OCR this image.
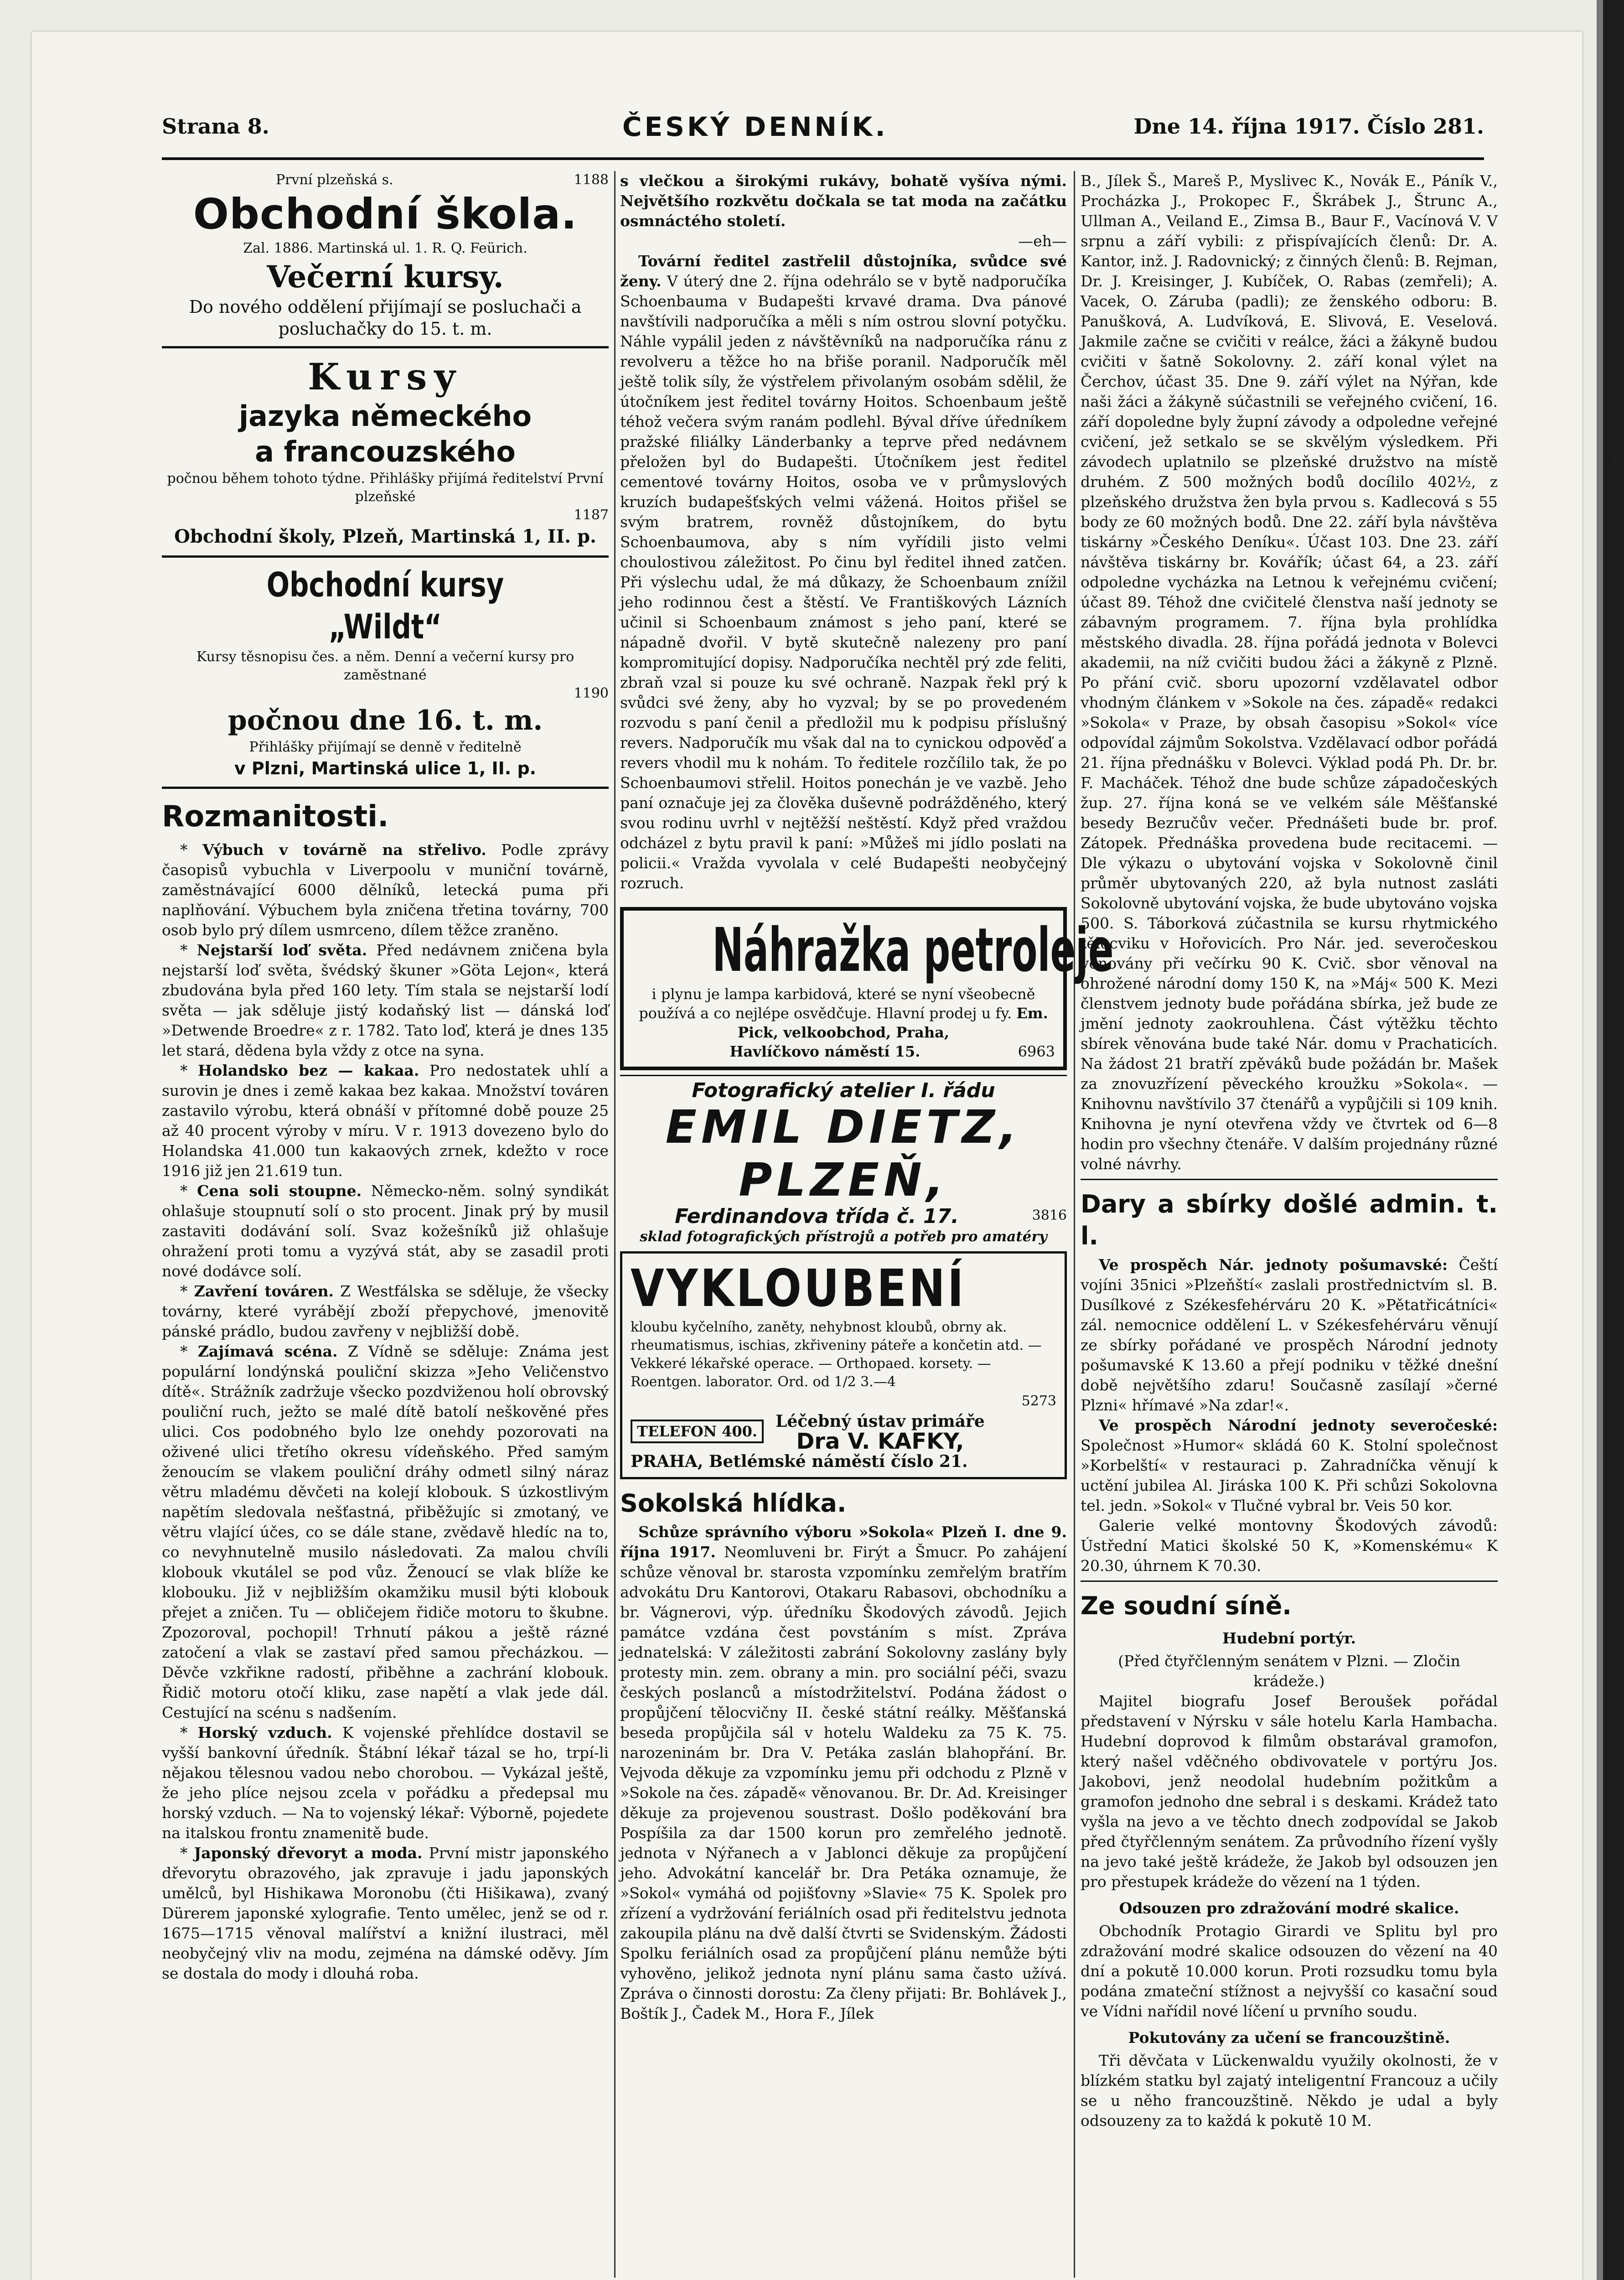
r
Strana 8.	ČESKÝ DENNÍK.	Dne 14. října 1917. Číslo 281.
První plzeňská s.	1188
Obchodní škola.
Zal. 1886. Martinská ul. 1. R. Q. Feürich.
Večerní kursy.
Do nového oddělení přijímají se posluchači a posluchačky do 15. t. m.
Kursy
jazyka německého
a francouzského
počnou během tohoto týdne. Přihlášky přijímá ředitelství První plzeňské
1187
Obchodní školy, Plzeň, Martinská 1, II. p.
Obchodní kursy „Wildt“
Kursy těsnopisu čes. a něm. Denní a večerní kursy pro zaměstnané
1190
počnou dne 16. t. m.
Přihlášky přijímají se denně v ředitelně
v Plzni, Martinská ulice 1, II. p.
Rozmanitosti.

* Výbuch v továrně na střelivo. Podle zprávy časopisů vybuchla v Liverpoolu v muniční továrně, zaměstnávající 6000 dělníků, letecká puma při naplňování. Výbuchem byla zničena třetina továrny, 700 osob bylo prý dílem usmrceno, dílem těžce zraněno.

* Nejstarší loď světa. Před nedávnem zničena byla nejstarší loď světa, švédský škuner »Göta Lejon«, která zbudována byla před 160 lety. Tím stala se nejstarší lodí světa — jak sděluje jistý kodaňský list — dánská loď »Detwende Broedre« z r. 1782. Tato loď, která je dnes 135 let stará, dědena byla vždy z otce na syna.

* Holandsko bez — kakaa. Pro nedostatek uhlí a surovin je dnes i země kakaa bez kakaa. Množství továren zastavilo výrobu, která obnáší v přítomné době pouze 25 až 40 procent výroby v míru. V r. 1913 dovezeno bylo do Holandska 41.000 tun kakaových zrnek, kdežto v roce 1916 již jen 21.619 tun.

* Cena soli stoupne. Německo-něm. solný syndikát ohlašuje stoupnutí solí o sto procent. Jinak prý by musil zastaviti dodávání solí. Svaz kožešníků již ohlašuje ohražení proti tomu a vyzývá stát, aby se zasadil proti nové dodávce solí.

* Zavření továren. Z Westfálska se sděluje, že všecky továrny, které vyrábějí zboží přepychové, jmenovitě pánské prádlo, budou zavřeny v nejbližší době.

* Zajímavá scéna. Z Vídně se sděluje: Známa jest populární londýnská pouliční skizza »Jeho Veličenstvo dítě«. Strážník zadržuje všecko pozdviženou holí obrovský pouliční ruch, ježto se malé dítě batolí neškověné přes ulici. Cos podobného bylo lze onehdy pozorovati na oživené ulici třetího okresu vídeňského. Před samým ženoucím se vlakem pouliční dráhy odmetl silný náraz větru mladému děvčeti na kolejí klobouk. S úzkostlivým napětím sledovala nešťastná, přiběžujíc si zmotaný, ve větru vlající účes, co se dále stane, zvědavě hledíc na to, co nevyhnutelně musilo následovati. Za malou chvíli klobouk vkutálel se pod vůz. Ženoucí se vlak blíže ke klobouku. Již v nejbližším okamžiku musil býti klobouk přejet a zničen. Tu — obličejem řidiče motoru to škubne. Zpozoroval, pochopil! Trhnutí pákou a ještě rázné zatočení a vlak se zastaví před samou přecházkou. — Děvče vzkřikne radostí, přiběhne a zachrání klobouk. Řidič motoru otočí kliku, zase napětí a vlak jede dál. Cestující na scénu s nadšením.

* Horský vzduch. K vojenské přehlídce dostavil se vyšší bankovní úředník. Štábní lékař tázal se ho, trpí-li nějakou tělesnou vadou nebo chorobou. — Vykázal ještě, že jeho plíce nejsou zcela v pořádku a předepsal mu horský vzduch. — Na to vojenský lékař: Výborně, pojedete na italskou frontu znamenitě bude.

* Japonský dřevoryt a moda. První mistr japonského dřevorytu obrazového, jak zpravuje i jadu japonských umělců, byl Hishikawa Moronobu (čti Hišikawa), zvaný Dürerem japonské xylografie. Tento umělec, jenž se od r. 1675—1715 věnoval malířství a knižní ilustraci, měl neobyčejný vliv na modu, zejména na dámské oděvy. Jím se dostala do mody i dlouhá roba.

s vlečkou a širokými rukávy, bohatě vyšíva nými. Největšího rozkvětu dočkala se tat moda na začátku osmnáctého století.

—eh—

Tovární ředitel zastřelil důstojníka, svůdce své ženy. V úterý dne 2. října odehrálo se v bytě nadporučíka Schoenbauma v Budapešti krvavé drama. Dva pánové navštívili nadporučíka a měli s ním ostrou slovní potyčku. Náhle vypálil jeden z návštěvníků na nadporučíka ránu z revolveru a těžce ho na břiše poranil. Nadporučík měl ještě tolik síly, že výstřelem přivolaným osobám sdělil, že útočníkem jest ředitel továrny Hoitos. Schoenbaum ještě téhož večera svým ranám podlehl. Býval dříve úředníkem pražské filiálky Länderbanky a teprve před nedávnem přeložen byl do Budapešti. Útočníkem jest ředitel cementové továrny Hoitos, osoba ve v průmyslových kruzích budapešťských velmi vážená. Hoitos přišel se svým bratrem, rovněž důstojníkem, do bytu Schoenbaumova, aby s ním vyřídili jisto velmi choulostivou záležitost. Po činu byl ředitel ihned zatčen. Při výslechu udal, že má důkazy, že Schoenbaum znížil jeho rodinnou čest a štěstí. Ve Františkových Lázních učinil si Schoenbaum známost s jeho paní, které se nápadně dvořil. V bytě skutečně nalezeny pro paní kompromitující dopisy. Nadporučíka nechtěl prý zde feliti, zbraň vzal si pouze ku své ochraně. Nazpak řekl prý k svůdci své ženy, aby ho vyzval; by se po provedeném rozvodu s paní čenil a předložil mu k podpisu příslušný revers. Nadporučík mu však dal na to cynickou odpověď a revers vhodil mu k nohám. To ředitele rozčílilo tak, že po Schoenbaumovi střelil. Hoitos ponechán je ve vazbě. Jeho paní označuje jej za člověka duševně podrážděného, který svou rodinu uvrhl v nejtěžší neštěstí. Když před vraždou odcházel z bytu pravil k paní: »Můžeš mi jídlo poslati na policii.« Vražda vyvolala v celé Budapešti neobyčejný rozruch.

Náhražka petroleje
i plynu je lampa karbidová, které se nyní všeobecně používá a co nejlépe osvědčuje. Hlavní prodej u fy. Em. Pick, velkoobchod, Praha,
Havlíčkovo náměstí 15.	6963
Fotografický atelier I. řádu
EMIL DIETZ, PLZEŇ,
Ferdinandova třída č. 17.	3816
sklad fotografických přístrojů a potřeb pro amatéry
VYKLOUBENÍ
kloubu kyčelního, zaněty, nehybnost kloubů, obrny ak. rheumatismus, ischias, zkřiveniny páteře a končetin atd. — Vekkeré lékařské operace. — Orthopaed. korsety. — Roentgen. laborator. Ord. od 1/2 3.—4
5273
TELEFON 400.
Léčebný ústav primáře
Dra V. KAFKY,
PRAHA, Betlémské náměstí číslo 21.
Sokolská hlídka.

Schůze správního výboru »Sokola« Plzeň I. dne 9. října 1917. Neomluveni br. Firýt a Šmucr. Po zahájení schůze věnoval br. starosta vzpomínku zemřelým bratřím advokátu Dru Kantorovi, Otakaru Rabasovi, obchodníku a br. Vágnerovi, výp. úředníku Škodových závodů. Jejich památce vzdána čest povstáním s míst. Zpráva jednatelská: V záležitosti zabrání Sokolovny zaslány byly protesty min. zem. obrany a min. pro sociální péči, svazu českých poslanců a místodržitelství. Podána žádost o propůjčení tělocvičny II. české státní reálky. Měšťanská beseda propůjčila sál v hotelu Waldeku za 75 K. 75. narozeninám br. Dra V. Petáka zaslán blahopřání. Br. Vejvoda děkuje za vzpomínku jemu při odchodu z Plzně v »Sokole na čes. západě« věnovanou. Br. Dr. Ad. Kreisinger děkuje za projevenou soustrast. Došlo poděkování bra Pospíšila za dar 1500 korun pro zemřelého jednotě. jednota v Nýřanech a v Jablonci děkuje za propůjčení jeho. Advokátní kancelář br. Dra Petáka oznamuje, že »Sokol« vymáhá od pojišťovny »Slavie« 75 K. Spolek pro zřízení a vydržování feriálních osad při ředitelstvu jednota zakoupila plánu na dvě další čtvrti se Svidenským. Žádosti Spolku feriálních osad za propůjčení plánu nemůže býti vyhověno, jelikož jednota nyní plánu sama často užívá. Zpráva o činnosti dorostu: Za členy přijati: Br. Bohlávek J., Boštík J., Čadek M., Hora F., Jílek

B., Jílek Š., Mareš P., Myslivec K., Novák E., Páník V., Procházka J., Prokopec F., Škrábek J., Štrunc A., Ullman A., Veiland E., Zimsa B., Baur F., Vacínová V. V srpnu a září vybili: z přispívajících členů: Dr. A. Kantor, inž. J. Radovnický; z činných členů: B. Rejman, Dr. J. Kreisinger, J. Kubíček, O. Rabas (zemřeli); A. Vacek, O. Záruba (padli); ze ženského odboru: B. Panušková, A. Ludvíková, E. Slivová, E. Veselová. Jakmile začne se cvičiti v reálce, žáci a žákyně budou cvičiti v šatně Sokolovny. 2. září konal výlet na Čerchov, účast 35. Dne 9. září výlet na Nýřan, kde naši žáci a žákyně súčastnili se veřejného cvičení, 16. září dopoledne byly župní závody a odpoledne veřejné cvičení, jež setkalo se se skvělým výsledkem. Při závodech uplatnilo se plzeňské družstvo na místě druhém. Z 500 možných bodů docílilo 402½, z plzeňského družstva žen byla prvou s. Kadlecová s 55 body ze 60 možných bodů. Dne 22. září byla návštěva tiskárny »Českého Deníku«. Účast 103. Dne 23. září návštěva tiskárny br. Kovářík; účast 64, a 23. září odpoledne vycházka na Letnou k veřejnému cvičení; účast 89. Téhož dne cvičitelé členstva naší jednoty se zábavným programem. 7. října byla prohlídka městského divadla. 28. října pořádá jednota v Bolevci akademii, na níž cvičiti budou žáci a žákyně z Plzně. Po přání cvič. sboru upozorní vzdělavatel odbor vhodným článkem v »Sokole na čes. západě« redakci »Sokola« v Praze, by obsah časopisu »Sokol« více odpovídal zájmům Sokolstva. Vzdělavací odbor pořádá 21. října přednášku v Bolevci. Výklad podá Ph. Dr. br. F. Macháček. Téhož dne bude schůze západočeských žup. 27. října koná se ve velkém sále Měšťanské besedy Bezručův večer. Přednášeti bude br. prof. Zátopek. Přednáška provedena bude recitacemi. — Dle výkazu o ubytování vojska v Sokolovně činil průměr ubytovaných 220, až byla nutnost zasláti Sokolovně ubytování vojska, že bude ubytováno vojska 500. S. Táborková zúčastnila se kursu rhytmického tělocviku v Hořovicích. Pro Nár. jed. severočeskou věnovány při večírku 90 K. Cvič. sbor věnoval na ohrožené národní domy 150 K, na »Máj« 500 K. Mezi členstvem jednoty bude pořádána sbírka, jež bude ze jmění jednoty zaokrouhlena. Část výtěžku těchto sbírek věnována bude také Nár. domu v Prachaticích. Na žádost 21 bratří zpěváků bude požádán br. Mašek za znovuzřízení pěveckého kroužku »Sokola«. — Knihovnu navštívilo 37 čtenářů a vypůjčili si 109 knih. Knihovna je nyní otevřena vždy ve čtvrtek od 6—8 hodin pro všechny čtenáře. V dalším projednány různé volné návrhy.

Dary a sbírky došlé admin. t. l.

Ve prospěch Nár. jednoty pošumavské: Čeští vojíni 35nici »Plzeňští« zaslali prostřednictvím sl. B. Dusílkové z Székesfehérváru 20 K. »Pětatřicátníci« zál. nemocnice oddělení L. v Székesfehérváru věnují ze sbírky pořádané ve prospěch Národní jednoty pošumavské K 13.60 a přejí podniku v těžké dnešní době největšího zdaru! Současně zasílají »černé Plzni« hřímavé »Na zdar!«.

Ve prospěch Národní jednoty severočeské: Společnost »Humor« skládá 60 K. Stolní společnost »Korbelští« v restauraci p. Zahradníčka věnují k uctění jubilea Al. Jiráska 100 K. Při schůzi Sokolovna tel. jedn. »Sokol« v Tlučné vybral br. Veis 50 kor.

Galerie velké montovny Škodových závodů: Ústřední Matici školské 50 K, »Komenskému« K 20.30, úhrnem K 70.30.

Ze soudní síně.
Hudební portýr.

(Před čtyřčlenným senátem v Plzni. — Zločin krádeže.)

Majitel biografu Josef Beroušek pořádal představení v Nýrsku v sále hotelu Karla Hambacha. Hudební doprovod k filmům obstarával gramofon, který našel vděčného obdivovatele v portýru Jos. Jakobovi, jenž neodolal hudebním požitkům a gramofon jednoho dne sebral i s deskami. Krádež tato vyšla na jevo a ve těchto dnech zodpovídal se Jakob před čtyřčlenným senátem. Za průvodního řízení vyšly na jevo také ještě krádeže, že Jakob byl odsouzen jen pro přestupek krádeže do vězení na 1 týden.

Odsouzen pro zdražování modré skalice.

Obchodník Protagio Girardi ve Splitu byl pro zdražování modré skalice odsouzen do vězení na 40 dní a pokutě 10.000 korun. Proti rozsudku tomu byla podána zmateční stížnost a nejvyšší co kasační soud ve Vídni nařídil nové líčení u prvního soudu.

Pokutovány za učení se francouzštině.

Tři děvčata v Lückenwaldu využily okolnosti, že v blízkém statku byl zajatý inteligentní Francouz a učily se u něho francouzštině. Někdo je udal a byly odsouzeny za to každá k pokutě 10 M.
